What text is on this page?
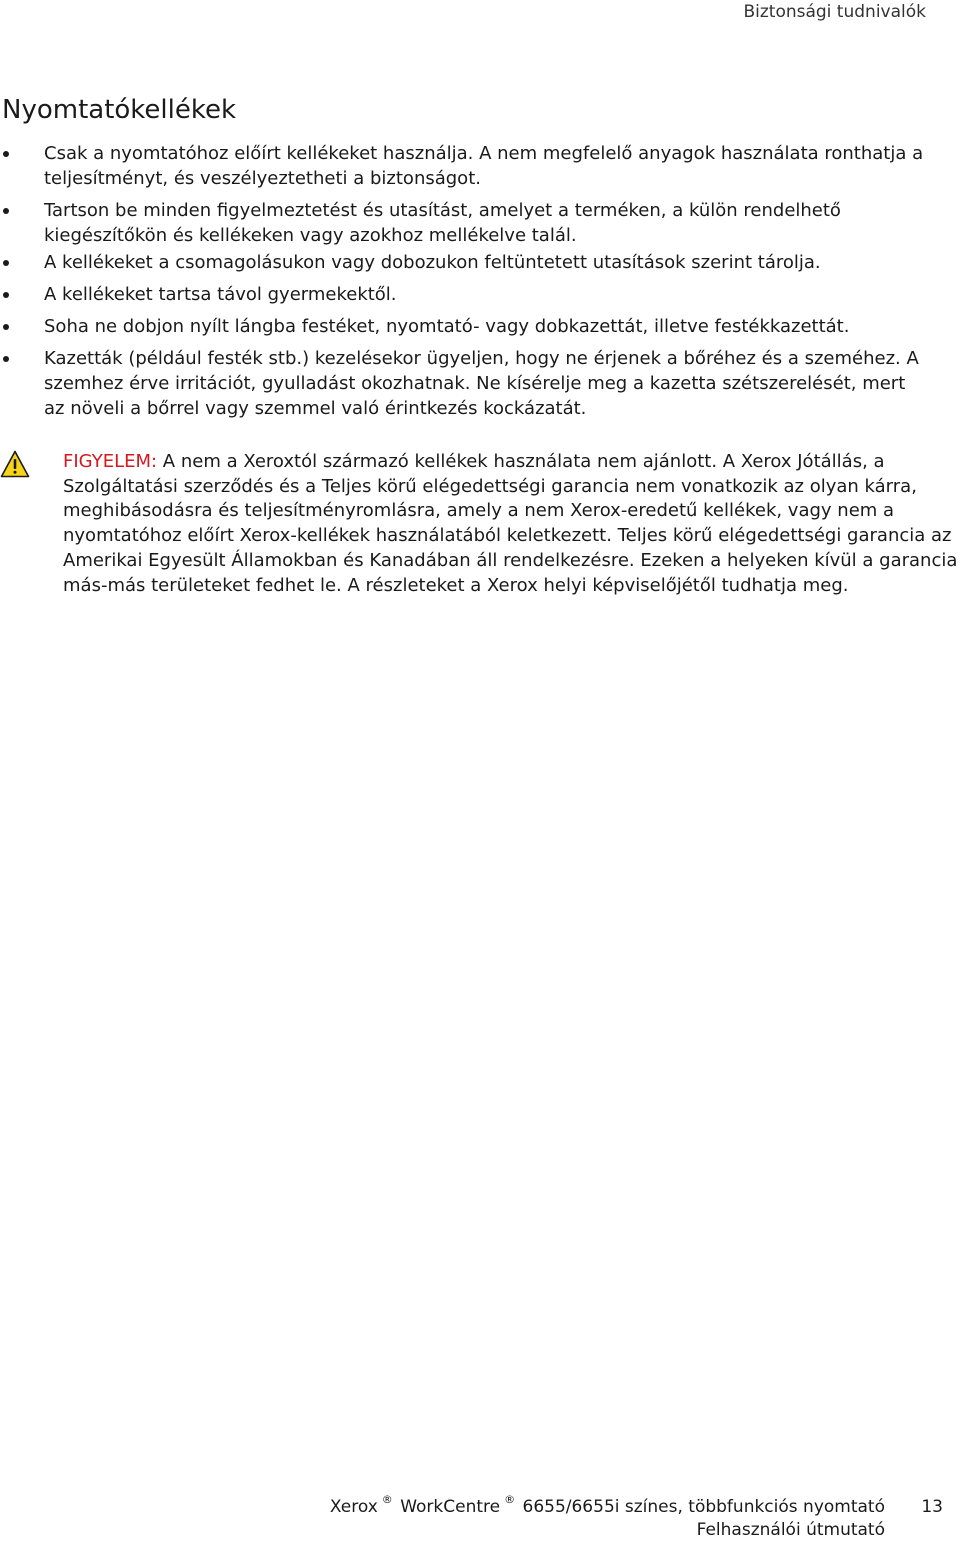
Biztonsági tudnivalók
Nyomtatókellékek
Csak a nyomtatóhoz előírt kellékeket használja. A nem megfelelő anyagok használata ronthatja a teljesítményt, és veszélyeztetheti a biztonságot.
Tartson be minden figyelmeztetést és utasítást, amelyet a terméken, a külön rendelhető kiegészítőkön és kellékeken vagy azokhoz mellékelve talál.
A kellékeket a csomagolásukon vagy dobozukon feltüntetett utasítások szerint tárolja.
A kellékeket tartsa távol gyermekektől.
Soha ne dobjon nyílt lángba festéket, nyomtató- vagy dobkazettát, illetve festékkazettát.
Kazetták (például festék stb.) kezelésekor ügyeljen, hogy ne érjenek a bőréhez és a szeméhez. A szemhez érve irritációt, gyulladást okozhatnak. Ne kísérelje meg a kazetta szétszerelését, mert az növeli a bőrrel vagy szemmel való érintkezés kockázatát.

FIGYELEM: A nem a Xeroxtól származó kellékek használata nem ajánlott. A Xerox Jótállás, a Szolgáltatási szerződés és a Teljes körű elégedettségi garancia nem vonatkozik az olyan kárra, meghibásodásra és teljesítményromlásra, amely a nem Xerox-eredetű kellékek, vagy nem a nyomtatóhoz előírt Xerox-kellékek használatából keletkezett. Teljes körű elégedettségi garancia az Amerikai Egyesült Államokban és Kanadában áll rendelkezésre. Ezeken a helyeken kívül a garancia más-más területeket fedhet le. A részleteket a Xerox helyi képviselőjétől tudhatja meg.

Xerox ® WorkCentre ® 6655/6655i színes, többfunkciós nyomtató
Felhasználói útmutató
13
